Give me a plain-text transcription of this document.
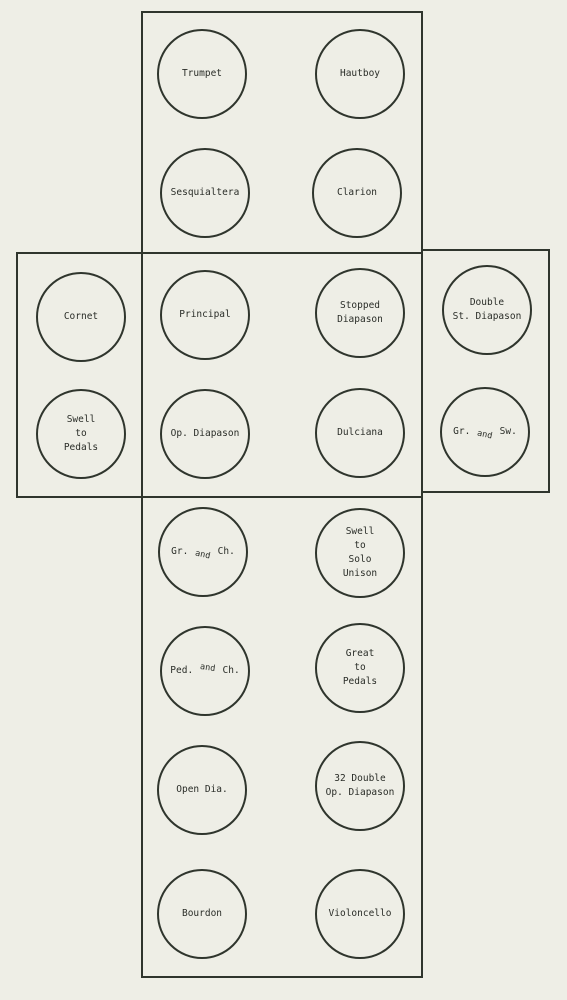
Trumpet	Hautboy
Sesquialtera	Clarion
Cornet
Swell
to
Pedals
Principal
Stopped
Diapason
Op. Diapason	Dulciana
Double
St. Diapason
Gr. and Sw.
Gr. and Ch.
Swell
to
Solo
Unison
Ped. and Ch.
Great
to
Pedals
Open Dia.
32 Double
Op. Diapason
Bourdon	Violoncello
